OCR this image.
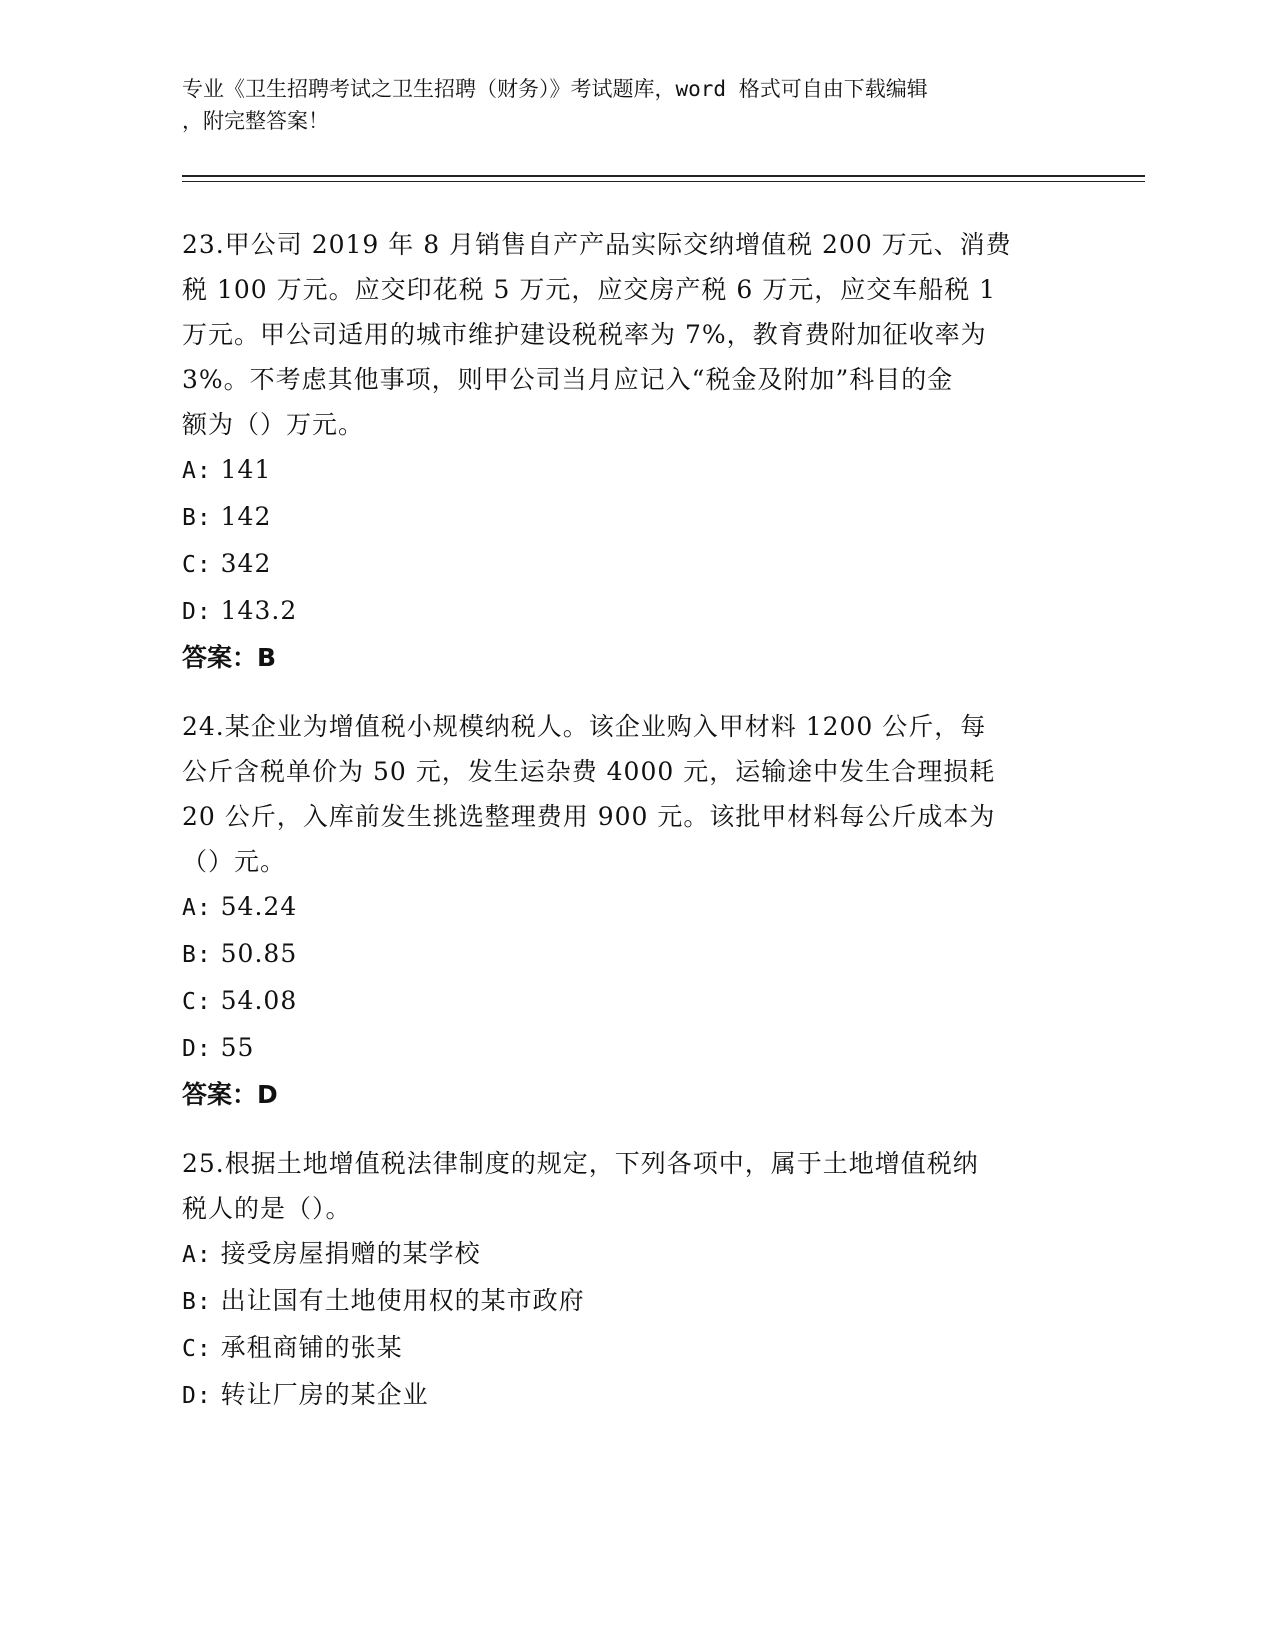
专业《卫生招聘考试之卫生招聘（财务）》考试题库，word 格式可自由下载编辑
，附完整答案！
23.甲公司 2019 年 8 月销售自产产品实际交纳增值税 200 万元、消费
税 100 万元。应交印花税 5 万元，应交房产税 6 万元，应交车船税 1
万元。甲公司适用的城市维护建设税税率为 7%，教育费附加征收率为
3%。不考虑其他事项，则甲公司当月应记入“税金及附加”科目的金
额为（）万元。
A: 141
B: 142
C: 342
D: 143.2
答案：B
24.某企业为增值税小规模纳税人。该企业购入甲材料 1200 公斤，每
公斤含税单价为 50 元，发生运杂费 4000 元，运输途中发生合理损耗
20 公斤，入库前发生挑选整理费用 900 元。该批甲材料每公斤成本为
（）元。
A: 54.24
B: 50.85
C: 54.08
D: 55
答案：D
25.根据土地增值税法律制度的规定，下列各项中，属于土地增值税纳
税人的是（）。
A: 接受房屋捐赠的某学校
B: 出让国有土地使用权的某市政府
C: 承租商铺的张某
D: 转让厂房的某企业
